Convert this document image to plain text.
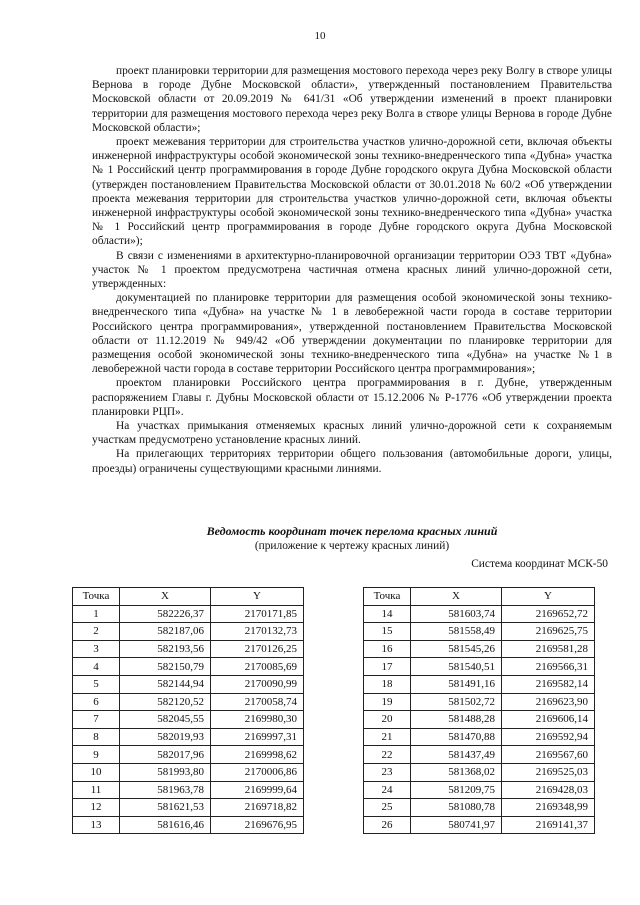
10

проект планировки территории для размещения мостового перехода через реку Волгу в створе улицы Вернова в городе Дубне Московской области», утвержденный постановлением Правительства Московской области от 20.09.2019 № 641/31 «Об утверждении изменений в проект планировки территории для размещения мостового перехода через реку Волга в створе улицы Вернова в городе Дубне Московской области»;

проект межевания территории для строительства участков улично-дорожной сети, включая объекты инженерной инфраструктуры особой экономической зоны технико-внедренческого типа «Дубна» участка № 1 Российский центр программирования в городе Дубне городского округа Дубна Московской области (утвержден постановлением Правительства Московской области от 30.01.2018 № 60/2 «Об утверждении проекта межевания территории для строительства участков улично-дорожной сети, включая объекты инженерной инфраструктуры особой экономической зоны технико-внедренческого типа «Дубна» участка № 1 Российский центр программирования в городе Дубне городского округа Дубна Московской области»);

В связи с изменениями в архитектурно-планировочной организации территории ОЭЗ ТВТ «Дубна» участок № 1 проектом предусмотрена частичная отмена красных линий улично-дорожной сети, утвержденных:

документацией по планировке территории для размещения особой экономической зоны технико-внедренческого типа «Дубна» на участке № 1 в левобережной части города в составе территории Российского центра программирования», утвержденной постановлением Правительства Московской области от 11.12.2019 № 949/42 «Об утверждении документации по планировке территории для размещения особой экономической зоны технико-внедренческого типа «Дубна» на участке №1 в левобережной части города в составе территории Российского центра программирования»;

проектом планировки Российского центра программирования в г. Дубне, утвержденным распоряжением Главы г. Дубны Московской области от 15.12.2006 № Р-1776 «Об утверждении проекта планировки РЦП».

На участках примыкания отменяемых красных линий улично-дорожной сети к сохраняемым участкам предусмотрено установление красных линий.

На прилегающих территориях территории общего пользования (автомобильные дороги, улицы, проезды) ограничены существующими красными линиями.

Ведомость координат точек перелома красных линий
(приложение к чертежу красных линий)
Система координат МСК-50
Точка	X	Y
1	582226,37	2170171,85
2	582187,06	2170132,73
3	582193,56	2170126,25
4	582150,79	2170085,69
5	582144,94	2170090,99
6	582120,52	2170058,74
7	582045,55	2169980,30
8	582019,93	2169997,31
9	582017,96	2169998,62
10	581993,80	2170006,86
11	581963,78	2169999,64
12	581621,53	2169718,82
13	581616,46	2169676,95
Точка	X	Y
14	581603,74	2169652,72
15	581558,49	2169625,75
16	581545,26	2169581,28
17	581540,51	2169566,31
18	581491,16	2169582,14
19	581502,72	2169623,90
20	581488,28	2169606,14
21	581470,88	2169592,94
22	581437,49	2169567,60
23	581368,02	2169525,03
24	581209,75	2169428,03
25	581080,78	2169348,99
26	580741,97	2169141,37
